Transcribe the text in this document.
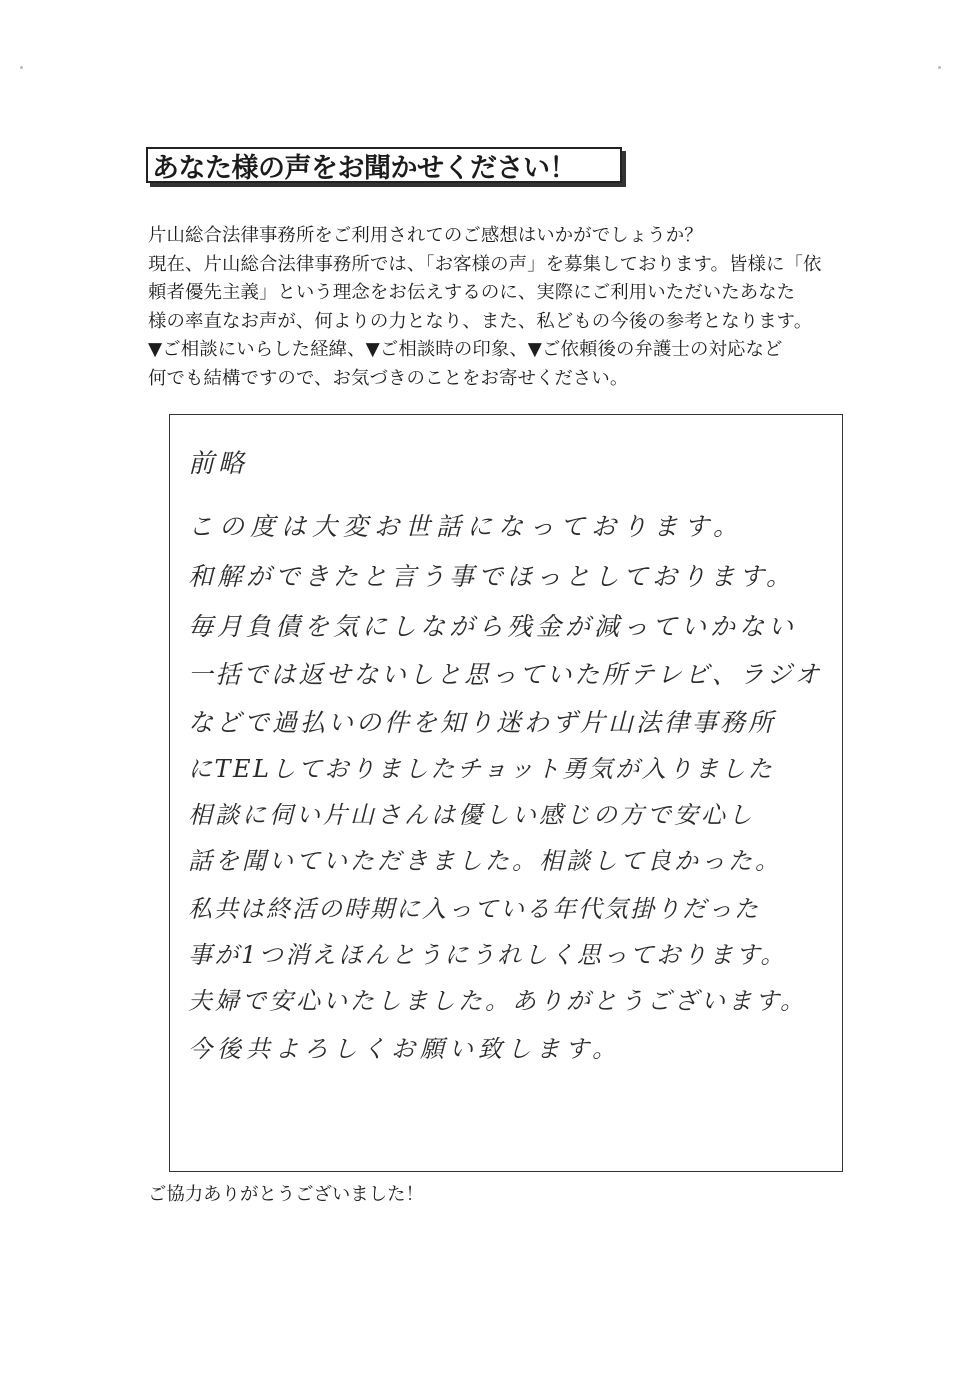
あなた様の声をお聞かせください！
片山総合法律事務所をご利用されてのご感想はいかがでしょうか？
現在、片山総合法律事務所では、「お客様の声」を募集しております。皆様に「依
頼者優先主義」という理念をお伝えするのに、実際にご利用いただいたあなた
様の率直なお声が、何よりの力となり、また、私どもの今後の参考となります。
▼ご相談にいらした経緯、▼ご相談時の印象、▼ご依頼後の弁護士の対応など
何でも結構ですので、お気づきのことをお寄せください。
前略
この度は大変お世話になっております。
和解ができたと言う事でほっとしております。
毎月負債を気にしながら残金が減っていかない
一括では返せないしと思っていた所テレビ、ラジオ
などで過払いの件を知り迷わず片山法律事務所
にTELしておりましたチョット勇気が入りました
相談に伺い片山さんは優しい感じの方で安心し
話を聞いていただきました。相談して良かった。
私共は終活の時期に入っている年代気掛りだった
事が1つ消えほんとうにうれしく思っております。
夫婦で安心いたしました。ありがとうございます。
今後共よろしくお願い致します。
ご協力ありがとうございました！
